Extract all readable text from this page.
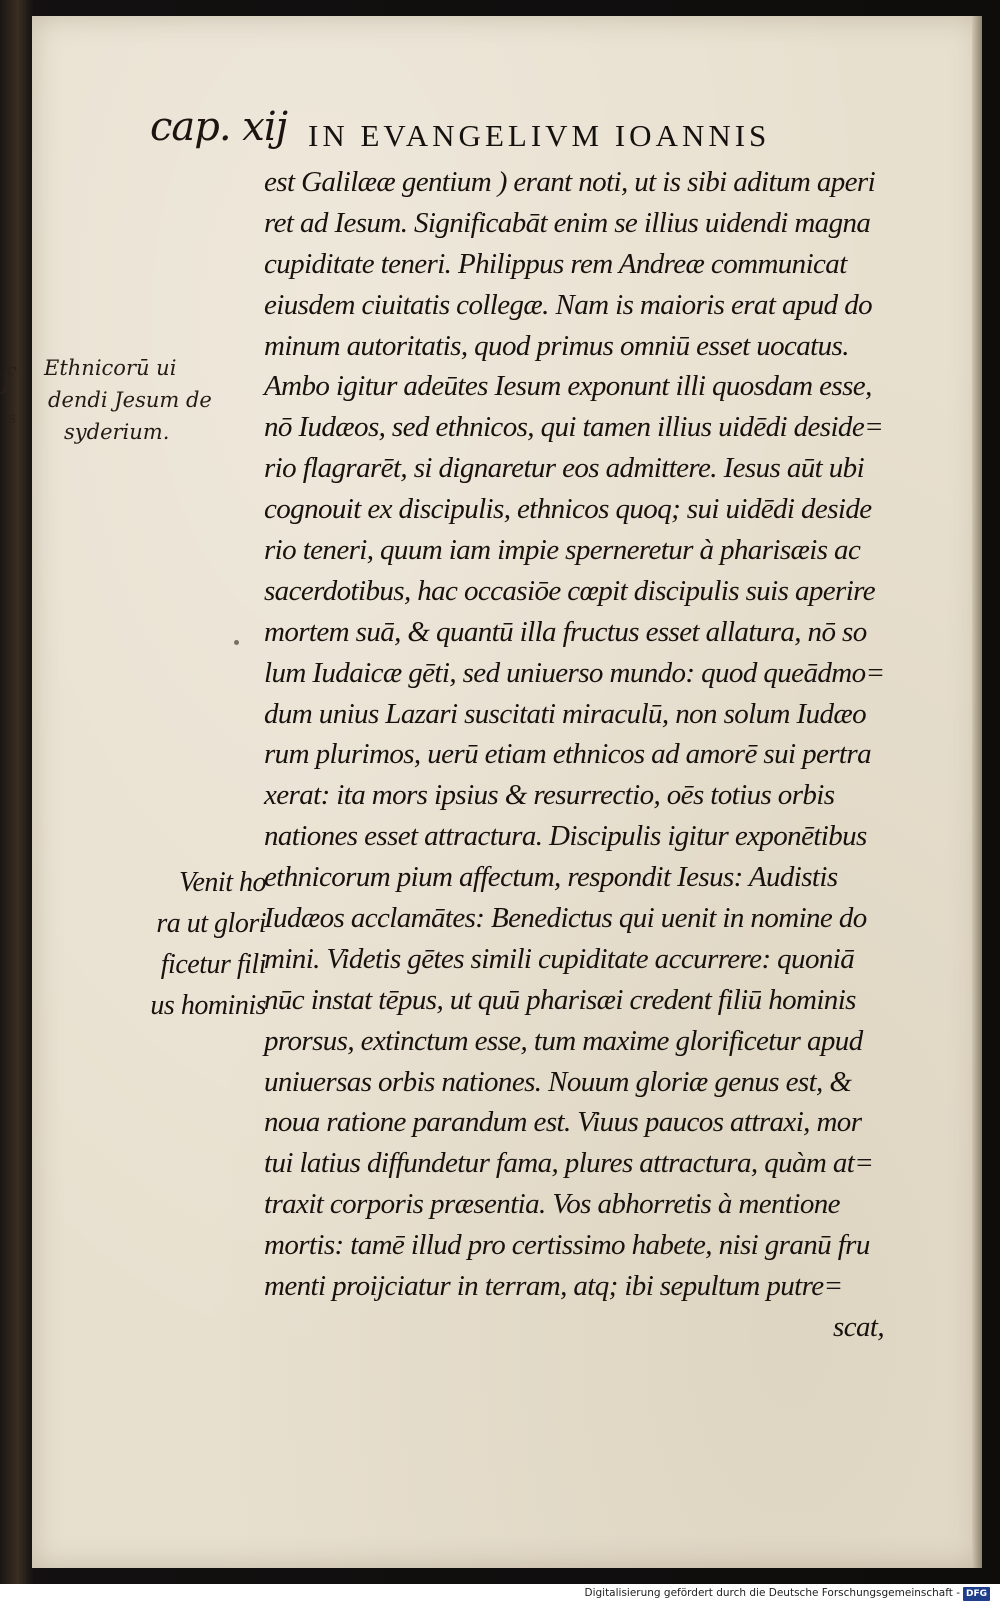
cap. xij IN EVANGELIVM IOANNIS
f
s
Ethnicorū ui
dendi Jesum de
syderium.
est Galilææ gentium ) erant noti, ut is sibi aditum aperi
ret ad Iesum. Significabāt enim se illius uidendi magna
cupiditate teneri. Philippus rem Andreæ communicat
eiusdem ciuitatis collegæ. Nam is maioris erat apud do
minum autoritatis, quod primus omniū esset uocatus.
Ambo igitur adeūtes Iesum exponunt illi quosdam esse,
nō Iudæos, sed ethnicos, qui tamen illius uidēdi deside=
rio flagrarēt, si dignaretur eos admittere. Iesus aūt ubi
cognouit ex discipulis, ethnicos quoq; sui uidēdi deside
rio teneri, quum iam impie sperneretur à pharisæis ac
sacerdotibus, hac occasiōe cœpit discipulis suis aperire
mortem suā, & quantū illa fructus esset allatura, nō so
lum Iudaicæ gēti, sed uniuerso mundo: quod queādmo=
dum unius Lazari suscitati miraculū, non solum Iudæo
rum plurimos, uerū etiam ethnicos ad amorē sui pertra
xerat: ita mors ipsius & resurrectio, oēs totius orbis
nationes esset attractura. Discipulis igitur exponētibus
ethnicorum pium affectum, respondit Iesus: Audistis
Iudæos acclamātes: Benedictus qui uenit in nomine do
mini. Videtis gētes simili cupiditate accurrere: quoniā
nūc instat tēpus, ut quū pharisæi credent filiū hominis
prorsus, extinctum esse, tum maxime glorificetur apud
uniuersas orbis nationes. Nouum gloriæ genus est, &
noua ratione parandum est. Viuus paucos attraxi, mor
tui latius diffundetur fama, plures attractura, quàm at=
traxit corporis præsentia. Vos abhorretis à mentione
mortis: tamē illud pro certissimo habete, nisi granū fru
menti proijciatur in terram, atq; ibi sepultum putre=
scat,
Venit ho
ra ut glori
ficetur fili
us hominis
Digitalisierung gefördert durch die Deutsche Forschungsgemeinschaft - DFG
